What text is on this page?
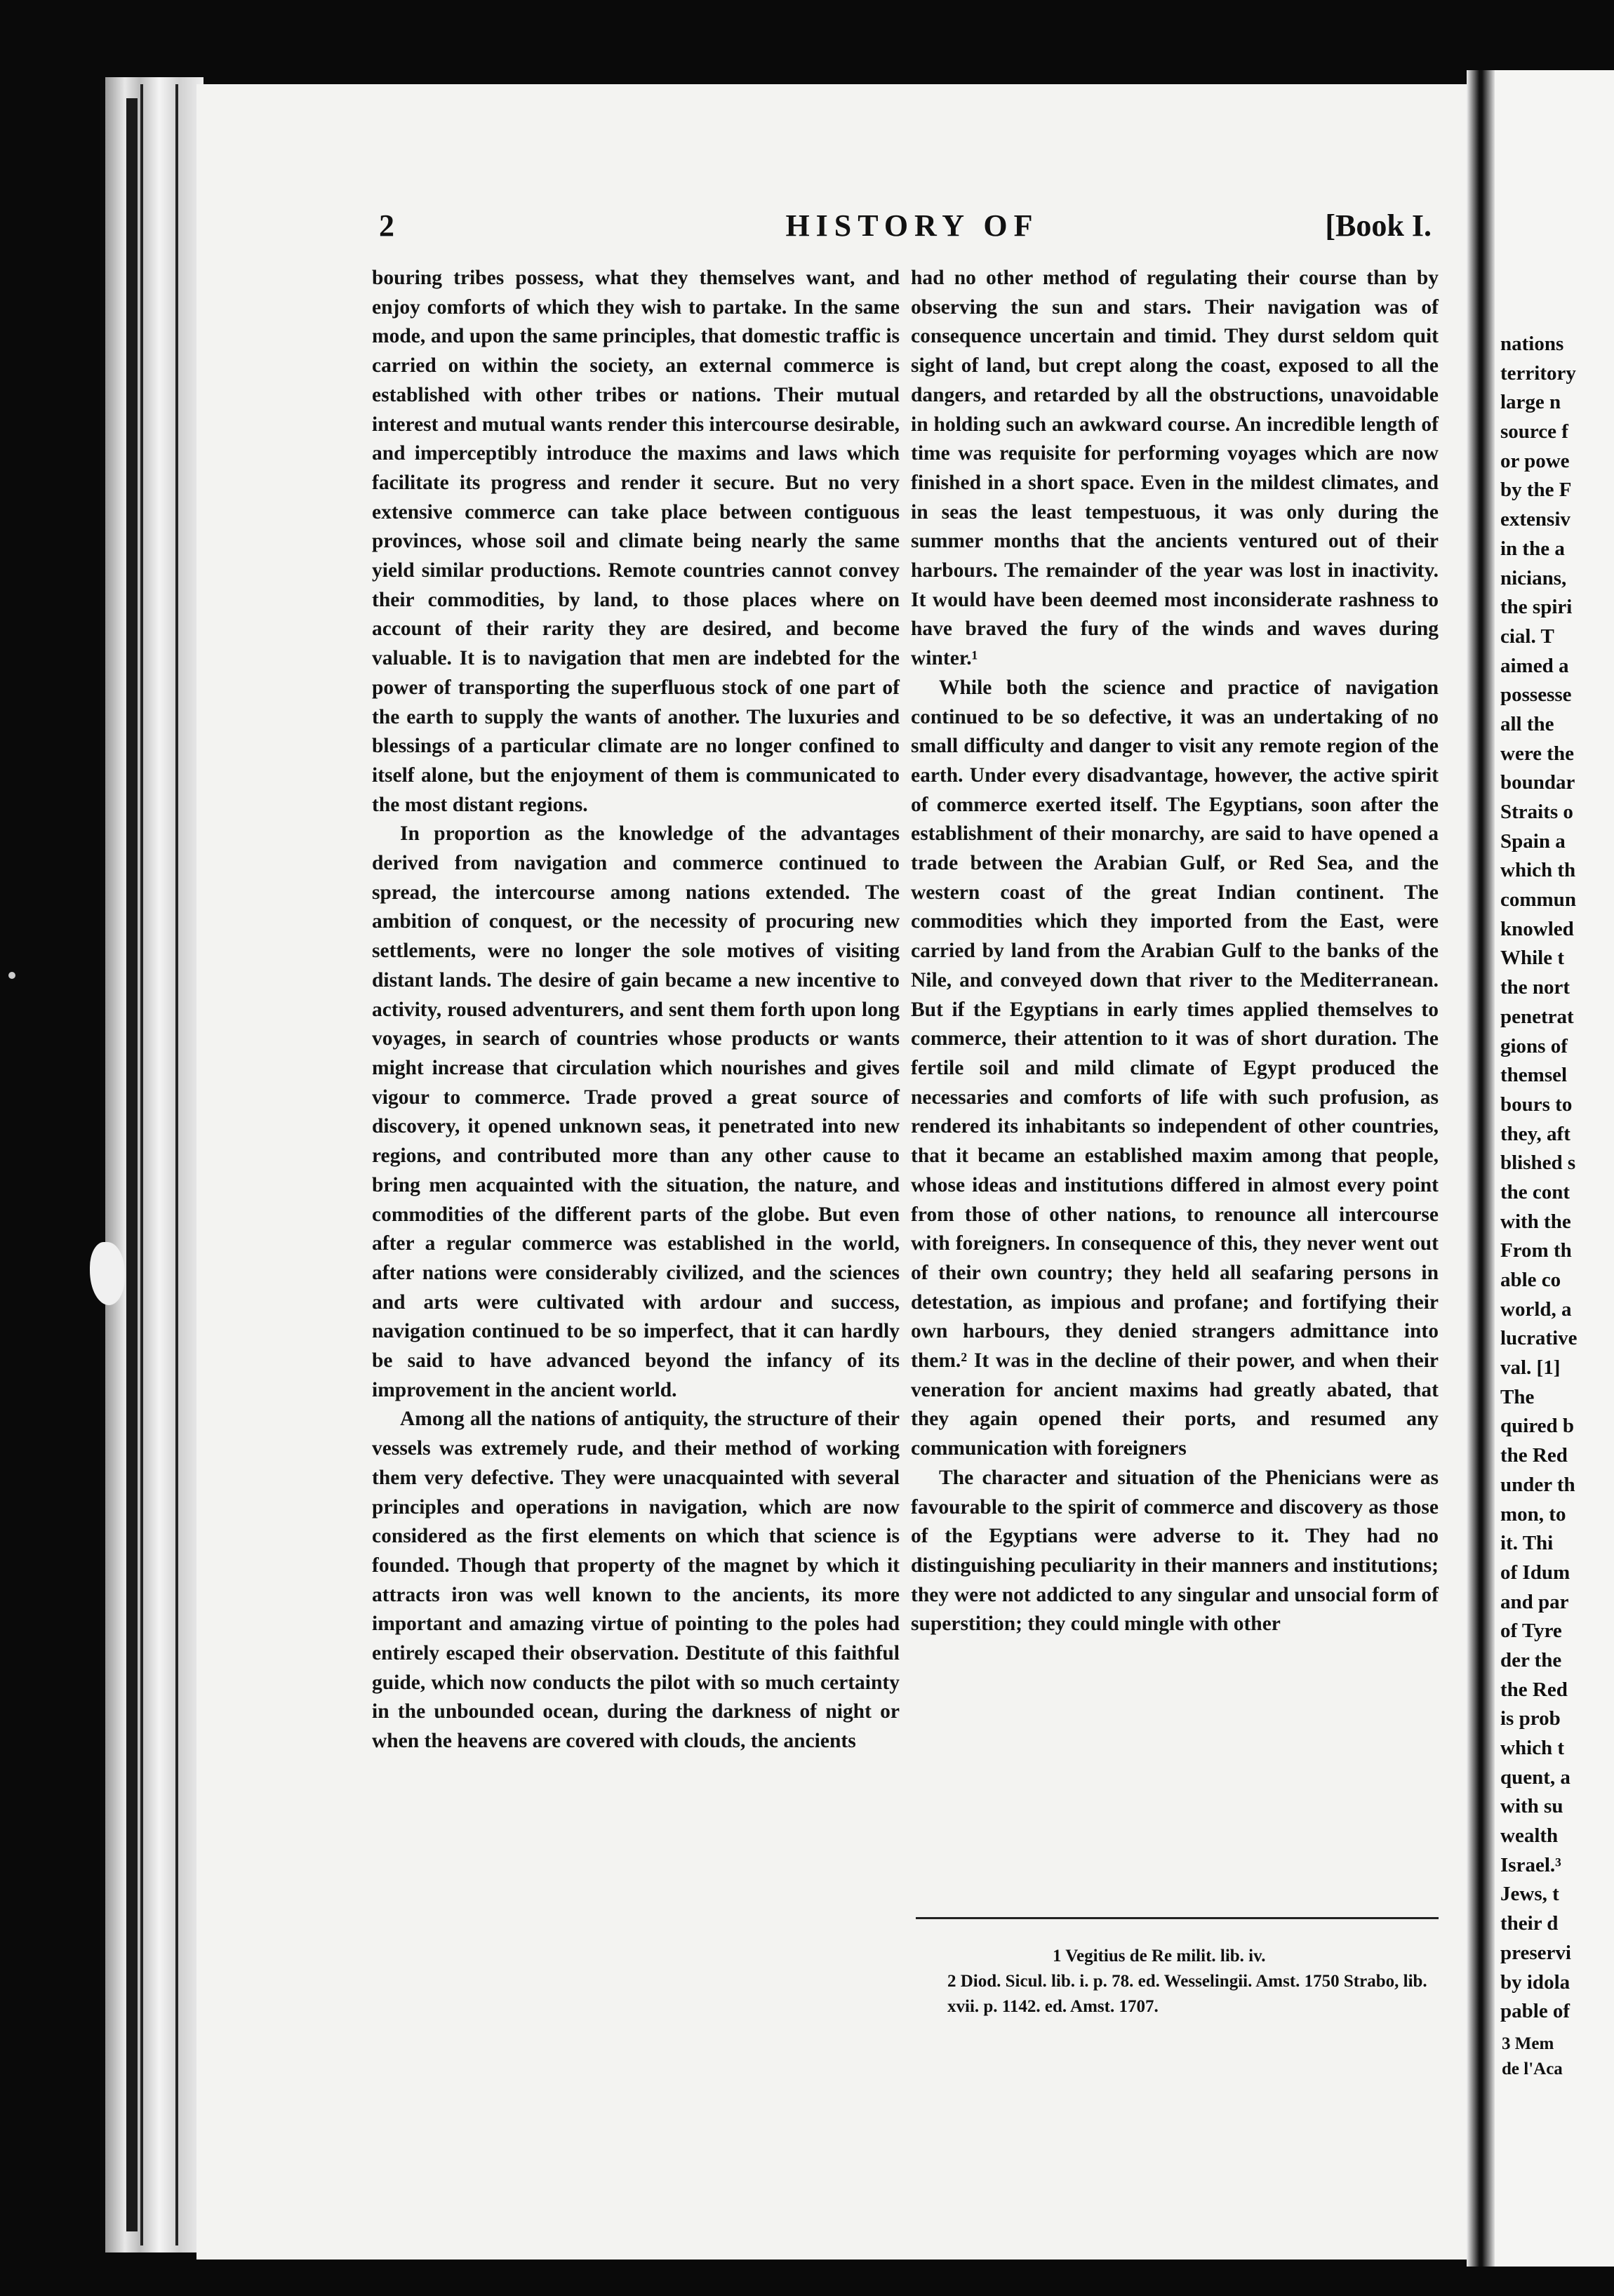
2	HISTORY OF	[Book I.

bouring tribes possess, what they themselves want, and enjoy comforts of which they wish to partake. In the same mode, and upon the same principles, that domestic traffic is carried on within the society, an external commerce is established with other tribes or nations. Their mutual interest and mutual wants render this intercourse desirable, and imperceptibly introduce the maxims and laws which facilitate its progress and render it secure. But no very extensive commerce can take place between contiguous provinces, whose soil and climate being nearly the same yield similar productions. Remote countries cannot convey their commodities, by land, to those places where on account of their rarity they are desired, and become valuable. It is to navigation that men are indebted for the power of transporting the superfluous stock of one part of the earth to supply the wants of another. The luxuries and blessings of a particular climate are no longer confined to itself alone, but the enjoyment of them is communicated to the most distant regions.

In proportion as the knowledge of the advantages derived from navigation and commerce continued to spread, the intercourse among nations extended. The ambition of conquest, or the necessity of procuring new settlements, were no longer the sole motives of visiting distant lands. The desire of gain became a new incentive to activity, roused adventurers, and sent them forth upon long voyages, in search of countries whose products or wants might increase that circulation which nourishes and gives vigour to commerce. Trade proved a great source of discovery, it opened unknown seas, it penetrated into new regions, and contributed more than any other cause to bring men acquainted with the situation, the nature, and commodities of the different parts of the globe. But even after a regular commerce was established in the world, after nations were considerably civilized, and the sciences and arts were cultivated with ardour and success, navigation continued to be so imperfect, that it can hardly be said to have advanced beyond the infancy of its improvement in the ancient world.

Among all the nations of antiquity, the structure of their vessels was extremely rude, and their method of working them very defective. They were unacquainted with several principles and operations in navigation, which are now considered as the first elements on which that science is founded. Though that property of the magnet by which it attracts iron was well known to the ancients, its more important and amazing virtue of pointing to the poles had entirely escaped their observation. Destitute of this faithful guide, which now conducts the pilot with so much certainty in the unbounded ocean, during the darkness of night or when the heavens are covered with clouds, the ancients

had no other method of regulating their course than by observing the sun and stars. Their navigation was of consequence uncertain and timid. They durst seldom quit sight of land, but crept along the coast, exposed to all the dangers, and retarded by all the obstructions, unavoidable in holding such an awkward course. An incredible length of time was requisite for performing voyages which are now finished in a short space. Even in the mildest climates, and in seas the least tempestuous, it was only during the summer months that the ancients ventured out of their harbours. The remainder of the year was lost in inactivity. It would have been deemed most inconsiderate rashness to have braved the fury of the winds and waves during winter.¹

While both the science and practice of navigation continued to be so defective, it was an undertaking of no small difficulty and danger to visit any remote region of the earth. Under every disadvantage, however, the active spirit of commerce exerted itself. The Egyptians, soon after the establishment of their monarchy, are said to have opened a trade between the Arabian Gulf, or Red Sea, and the western coast of the great Indian continent. The commodities which they imported from the East, were carried by land from the Arabian Gulf to the banks of the Nile, and conveyed down that river to the Mediterranean. But if the Egyptians in early times applied themselves to commerce, their attention to it was of short duration. The fertile soil and mild climate of Egypt produced the necessaries and comforts of life with such profusion, as rendered its inhabitants so independent of other countries, that it became an established maxim among that people, whose ideas and institutions differed in almost every point from those of other nations, to renounce all intercourse with foreigners. In consequence of this, they never went out of their own country; they held all seafaring persons in detestation, as impious and profane; and fortifying their own harbours, they denied strangers admittance into them.² It was in the decline of their power, and when their veneration for ancient maxims had greatly abated, that they again opened their ports, and resumed any communication with foreigners

The character and situation of the Phenicians were as favourable to the spirit of commerce and discovery as those of the Egyptians were adverse to it. They had no distinguishing peculiarity in their manners and institutions; they were not addicted to any singular and unsocial form of superstition; they could mingle with other

1 Vegitius de Re milit. lib. iv.

2 Diod. Sicul. lib. i. p. 78. ed. Wesselingii. Amst. 1750 Strabo, lib. xvii. p. 1142. ed. Amst. 1707.

nations
territory
large n
source f
or powe
by the F
extensiv
in the a
nicians,
the spiri
cial. T
aimed a
possesse
all the
were the
boundar
Straits o
Spain a
which th
commun
knowled
While t
the nort
penetrat
gions of
themsel
bours to
they, aft
blished s
the cont
with the
From th
able co
world, a
lucrative
val. [1]
The
quired b
the Red
under th
mon, to
it. Thi
of Idum
and par
of Tyre
der the
the Red
is prob
which t
quent, a
with su
wealth
Israel.³
Jews, t
their d
preservi
by idola
pable of
3 Mem
de l'Aca
